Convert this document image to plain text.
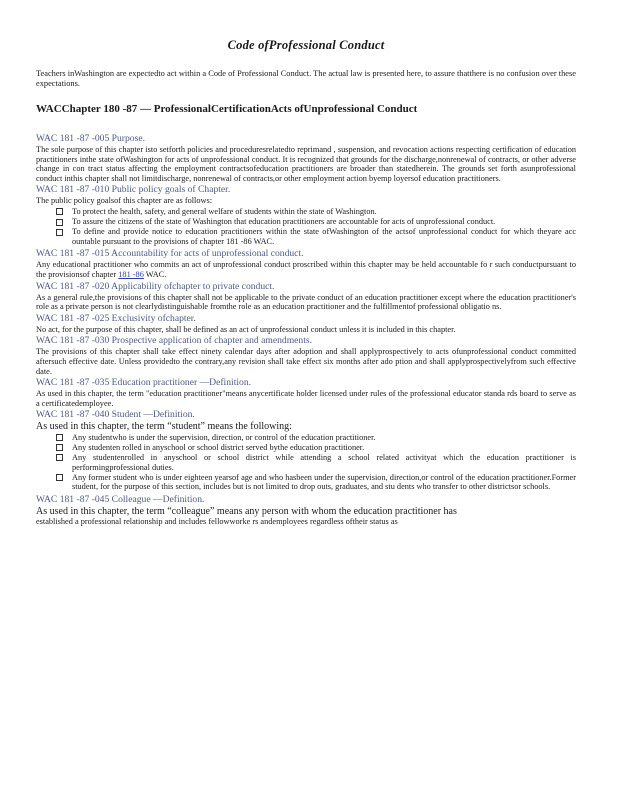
Code ofProfessional Conduct

Teachers inWashington are expectedto act within a Code of Professional Conduct. The actual law is presented here, to assure thatthere is no confusion over these expectations.

WACChapter 180 -87 — ProfessionalCertificationActs ofUnprofessional Conduct
WAC 181 -87 -005 Purpose.

The sole purpose of this chapter isto setforth policies and proceduresrelatedto reprimand , suspension, and revocation actions respecting certification of education practitioners inthe state ofWashington for acts of unprofessional conduct. It is recognized that grounds for the discharge,nonrenewal of contracts, or other adverse change in con tract status affecting the employment contractsofeducation practitioners are broader than statedherein. The grounds set forth asunprofessional conduct inthis chapter shall not limitdischarge, nonrenewal of contracts,or other employment action byemp loyersof education practitioners.

WAC 181 -87 -010 Public policy goals of Chapter.

The public policy goalsof this chapter are as follows:

To protect the health, safety, and general welfare of students within the state of Washington.
To assure the citizens of the state of Washington that education practitioners are accountable for acts of unprofessional conduct.
To define and provide notice to education practitioners within the state ofWashington of the actsof unprofessional conduct for which theyare acc ountable pursuant to the provisions of chapter 181 -86 WAC.
WAC 181 -87 -015 Accountability for acts of unprofessional conduct.

Any educational practitioner who commits an act of unprofessional conduct proscribed within this chapter may be held accountable fo r such conductpursuant to the provisionsof chapter 181 -86 WAC.

WAC 181 -87 -020 Applicability ofchapter to private conduct.

As a general rule,the provisions of this chapter shall not be applicable to the private conduct of an education practitioner except where the education practitioner's role as a private person is not clearlydistinguishable fromthe role as an education practitioner and the fulfillmentof professional obligatio ns.

WAC 181 -87 -025 Exclusivity ofchapter.

No act, for the purpose of this chapter, shall be defined as an act of unprofessional conduct unless it is included in this chapter.

WAC 181 -87 -030 Prospective application of chapter and amendments.

The provisions of this chapter shall take effect ninety calendar days after adoption and shall applyprospectively to acts ofunprofessional conduct committed aftersuch effective date. Unless providedto the contrary,any revision shall take effect six months after ado ption and shall applyprospectivelyfrom such effective date.

WAC 181 -87 -035 Education practitioner —Definition.

As used in this chapter, the term "education practitioner"means anycertificate holder licensed under rules of the professional educator standa rds board to serve as a certificatedemployee.

WAC 181 -87 -040 Student —Definition.

As used in this chapter, the term “student” means the following:

Any studentwho is under the supervision, direction, or control of the education practitioner.
Any studenten rolled in anyschool or school district served bythe education practitioner.
Any studentenrolled in anyschool or school district while attending a school related activityat which the education practitioner is performingprofessional duties.
Any former student who is under eighteen yearsof age and who hasbeen under the supervision, direction,or control of the education practitioner.Former student, for the purpose of this section, includes but is not limited to drop outs, graduates, and stu dents who transfer to other districtsor schools.
WAC 181 -87 -045 Colleague —Definition.

As used in this chapter, the term “colleague” means any person with whom the education practitioner has

established a professional relationship and includes fellowworke rs andemployees regardless oftheir status as
